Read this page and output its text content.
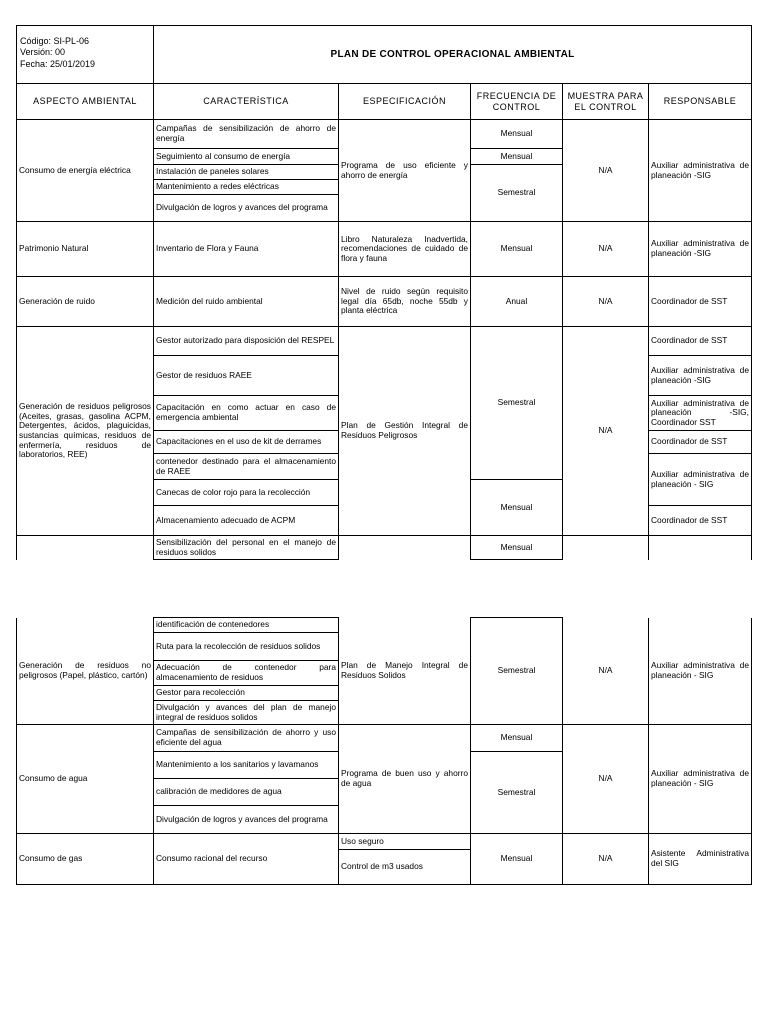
Código: SI-PL-06
Versión: 00
Fecha: 25/01/2019	PLAN DE CONTROL OPERACIONAL AMBIENTAL				
ASPECTO AMBIENTAL	CARACTERÍSTICA	ESPECIFICACIÓN	FRECUENCIA DE CONTROL	MUESTRA PARA EL CONTROL	RESPONSABLE
Consumo de energía eléctrica	Campañas de sensibilización de ahorro de energía	Programa de uso eficiente y ahorro de energía	Mensual	N/A	Auxiliar administrativa de planeación -SIG
	Seguimiento al consumo de energía		Mensual		
	Instalación de paneles solares		Semestral		
	Mantenimiento a redes eléctricas				
	Divulgación de logros y avances del programa				
Patrimonio Natural	Inventario de Flora y Fauna	Libro Naturaleza Inadvertida, recomendaciones de cuidado de flora y fauna	Mensual	N/A	Auxiliar administrativa de planeación -SIG
Generación de ruido	Medición del ruido ambiental	Nivel de ruido según requisito legal día 65db, noche 55db y planta eléctrica	Anual	N/A	Coordinador de SST
Generación de residuos peligrosos (Aceites, grasas, gasolina ACPM, Detergentes, ácidos, plaguicidas, sustancias químicas, residuos de enfermería, residuos de laboratorios, REE)	Gestor autorizado para disposición del RESPEL	Plan de Gestión Integral de Residuos Peligrosos	Semestral	N/A	Coordinador de SST
	Gestor de residuos RAEE				Auxiliar administrativa de planeación -SIG
	Capacitación en como actuar en caso de emergencia ambiental				Auxiliar administrativa de planeación -SIG, Coordinador SST
	Capacitaciones en el uso de kit de derrames				Coordinador de SST
	contenedor destinado para el almacenamiento de RAEE				Auxiliar administrativa de planeación - SIG
	Canecas de color rojo para la recolección		Mensual		
	Almacenamiento adecuado de ACPM				Coordinador de SST
	Sensibilización del personal en el manejo de residuos solidos		Mensual		
Generación de residuos no peligrosos (Papel, plástico, cartón)	identificación de contenedores	Plan de Manejo Integral de Residuos Solidos	Semestral	N/A	Auxiliar administrativa de planeación - SIG
	Ruta para la recolección de residuos solidos				
	Adecuación de contenedor para almacenamiento de residuos				
	Gestor para recolección				
	Divulgación y avances del plan de manejo integral de residuos solidos				
Consumo de agua	Campañas de sensibilización de ahorro y uso eficiente del agua	Programa de buen uso y ahorro de agua	Mensual	N/A	Auxiliar administrativa de planeación - SIG
	Mantenimiento a los sanitarios y lavamanos		Semestral		
	calibración de medidores de agua				
	Divulgación de logros y avances del programa				
Consumo de gas	Consumo racional del recurso	Uso seguro	Mensual	N/A	Asistente Administrativa del SIG
		Control de m3 usados			
